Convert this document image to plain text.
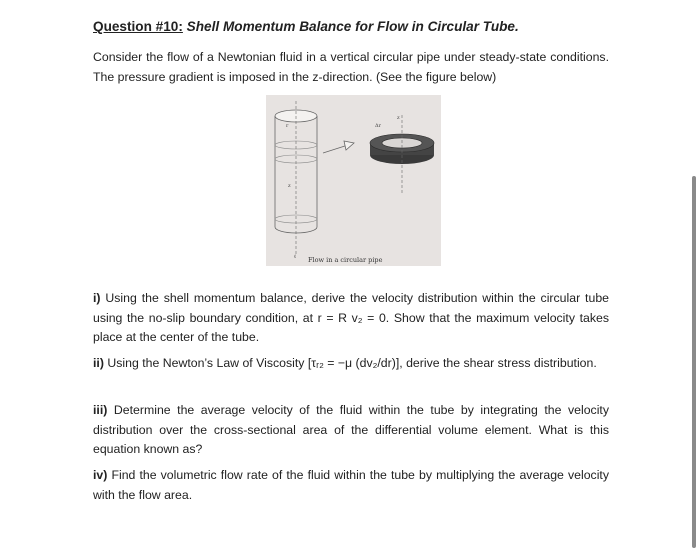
Question #10: Shell Momentum Balance for Flow in Circular Tube.
Consider the flow of a Newtonian fluid in a vertical circular pipe under steady-state conditions. The pressure gradient is imposed in the z-direction. (See the figure below)
ℓ
r
z
Δr
z
Flow in a circular pipe
i) Using the shell momentum balance, derive the velocity distribution within the circular tube using the no-slip boundary condition, at r = R v₂ = 0. Show that the maximum velocity takes place at the center of the tube.
ii) Using the Newton’s Law of Viscosity [τᵣ₂ = −μ (dv₂/dr)], derive the shear stress distribution.
iii) Determine the average velocity of the fluid within the tube by integrating the velocity distribution over the cross-sectional area of the differential volume element. What is this equation known as?
iv) Find the volumetric flow rate of the fluid within the tube by multiplying the average velocity with the flow area.
